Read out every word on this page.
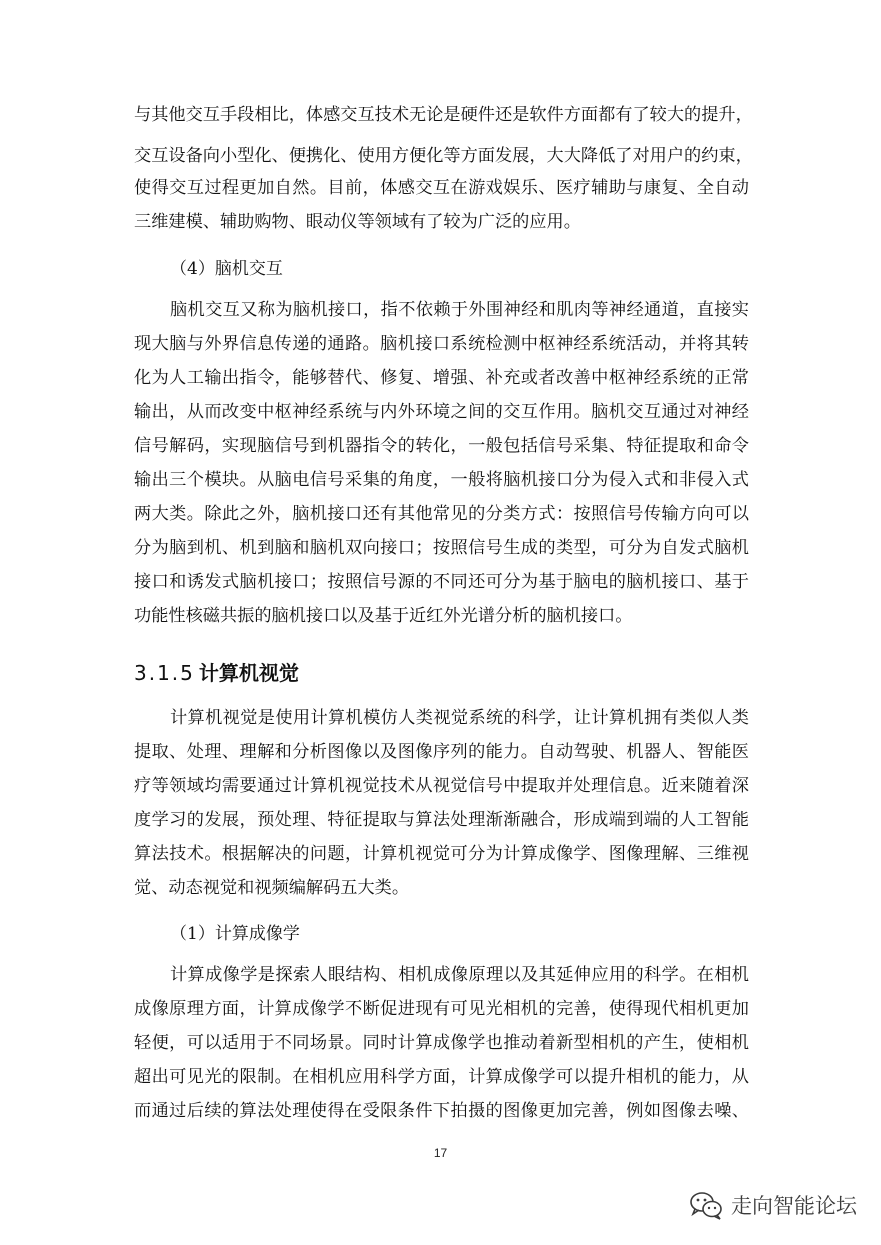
与其他交互手段相比，体感交互技术无论是硬件还是软件方面都有了较大的提升，
交互设备向小型化、便携化、使用方便化等方面发展，大大降低了对用户的约束，
使得交互过程更加自然。目前，体感交互在游戏娱乐、医疗辅助与康复、全自动
三维建模、辅助购物、眼动仪等领域有了较为广泛的应用。
（4）脑机交互
脑机交互又称为脑机接口，指不依赖于外围神经和肌肉等神经通道，直接实
现大脑与外界信息传递的通路。脑机接口系统检测中枢神经系统活动，并将其转
化为人工输出指令，能够替代、修复、增强、补充或者改善中枢神经系统的正常
输出，从而改变中枢神经系统与内外环境之间的交互作用。脑机交互通过对神经
信号解码，实现脑信号到机器指令的转化，一般包括信号采集、特征提取和命令
输出三个模块。从脑电信号采集的角度，一般将脑机接口分为侵入式和非侵入式
两大类。除此之外，脑机接口还有其他常见的分类方式：按照信号传输方向可以
分为脑到机、机到脑和脑机双向接口；按照信号生成的类型，可分为自发式脑机
接口和诱发式脑机接口；按照信号源的不同还可分为基于脑电的脑机接口、基于
功能性核磁共振的脑机接口以及基于近红外光谱分析的脑机接口。
3.1.5 计算机视觉
计算机视觉是使用计算机模仿人类视觉系统的科学，让计算机拥有类似人类
提取、处理、理解和分析图像以及图像序列的能力。自动驾驶、机器人、智能医
疗等领域均需要通过计算机视觉技术从视觉信号中提取并处理信息。近来随着深
度学习的发展，预处理、特征提取与算法处理渐渐融合，形成端到端的人工智能
算法技术。根据解决的问题，计算机视觉可分为计算成像学、图像理解、三维视
觉、动态视觉和视频编解码五大类。
（1）计算成像学
计算成像学是探索人眼结构、相机成像原理以及其延伸应用的科学。在相机
成像原理方面，计算成像学不断促进现有可见光相机的完善，使得现代相机更加
轻便，可以适用于不同场景。同时计算成像学也推动着新型相机的产生，使相机
超出可见光的限制。在相机应用科学方面，计算成像学可以提升相机的能力，从
而通过后续的算法处理使得在受限条件下拍摄的图像更加完善，例如图像去噪、
17
走向智能论坛
